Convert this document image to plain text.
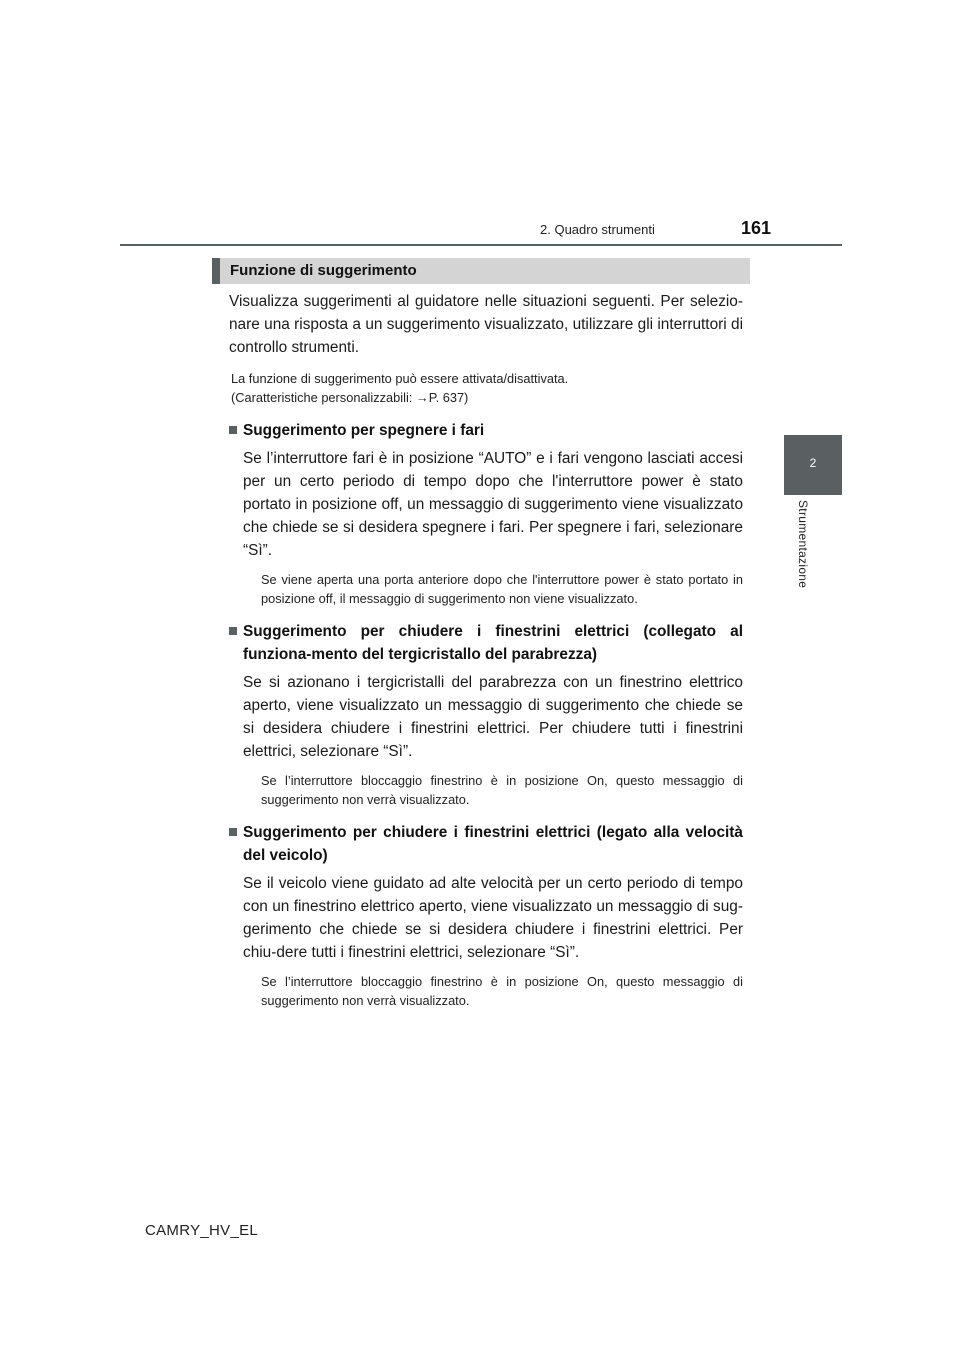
2. Quadro strumenti	161
2
Strumentazione
Funzione di suggerimento

Visualizza suggerimenti al guidatore nelle situazioni seguenti. Per selezio-nare una risposta a un suggerimento visualizzato, utilizzare gli interruttori di controllo strumenti.

La funzione di suggerimento può essere attivata/disattivata.

(Caratteristiche personalizzabili: →P. 637)

Suggerimento per spegnere i fari

Se l’interruttore fari è in posizione “AUTO” e i fari vengono lasciati accesi per un certo periodo di tempo dopo che l'interruttore power è stato portato in posizione off, un messaggio di suggerimento viene visualizzato che chiede se si desidera spegnere i fari. Per spegnere i fari, selezionare “Sì”.

Se viene aperta una porta anteriore dopo che l'interruttore power è stato portato in posizione off, il messaggio di suggerimento non viene visualizzato.

Suggerimento per chiudere i finestrini elettrici (collegato al funziona-mento del tergicristallo del parabrezza)

Se si azionano i tergicristalli del parabrezza con un finestrino elettrico aperto, viene visualizzato un messaggio di suggerimento che chiede se si desidera chiudere i finestrini elettrici. Per chiudere tutti i finestrini elettrici, selezionare “Sì”.

Se l’interruttore bloccaggio finestrino è in posizione On, questo messaggio di suggerimento non verrà visualizzato.

Suggerimento per chiudere i finestrini elettrici (legato alla velocità del veicolo)

Se il veicolo viene guidato ad alte velocità per un certo periodo di tempo con un finestrino elettrico aperto, viene visualizzato un messaggio di sug-gerimento che chiede se si desidera chiudere i finestrini elettrici. Per chiu-dere tutti i finestrini elettrici, selezionare “Sì”.

Se l’interruttore bloccaggio finestrino è in posizione On, questo messaggio di suggerimento non verrà visualizzato.

CAMRY_HV_EL
